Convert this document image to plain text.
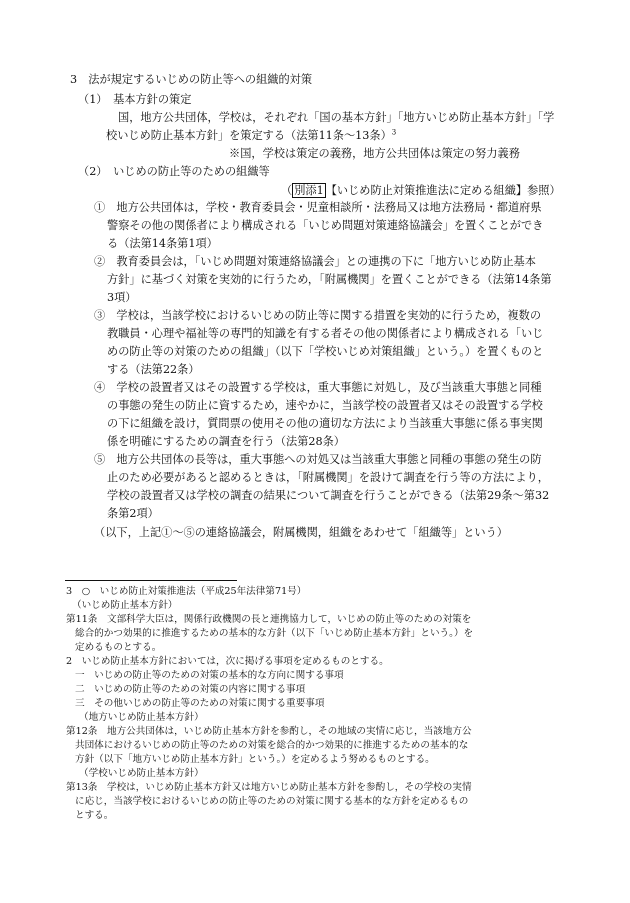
3　法が規定するいじめの防止等への組織的対策
（1）　基本方針の策定
国，地方公共団体，学校は，それぞれ「国の基本方針」「地方いじめ防止基本方針」「学
校いじめ防止基本方針」を策定する（法第11条～13条）$^3$
※国，学校は策定の義務，地方公共団体は策定の努力義務
（2）　いじめの防止等のための組織等
（ 別添1 【いじめ防止対策推進法に定める組織】参照）
①　地方公共団体は，学校・教育委員会・児童相談所・法務局又は地方法務局・都道府県
警察その他の関係者により構成される「いじめ問題対策連絡協議会」を置くことができ
る（法第14条第1項）
②　教育委員会は，「いじめ問題対策連絡協議会」との連携の下に「地方いじめ防止基本
方針」に基づく対策を実効的に行うため，「附属機関」を置くことができる（法第14条第
3項）
③　学校は，当該学校におけるいじめの防止等に関する措置を実効的に行うため，複数の
教職員・心理や福祉等の専門的知識を有する者その他の関係者により構成される「いじ
めの防止等の対策のための組織」（以下「学校いじめ対策組織」という。）を置くものと
する（法第22条）
④　学校の設置者又はその設置する学校は，重大事態に対処し，及び当該重大事態と同種
の事態の発生の防止に資するため，速やかに，当該学校の設置者又はその設置する学校
の下に組織を設け，質問票の使用その他の適切な方法により当該重大事態に係る事実関
係を明確にするための調査を行う（法第28条）
⑤　地方公共団体の長等は，重大事態への対処又は当該重大事態と同種の事態の発生の防
止のため必要があると認めるときは，「附属機関」を設けて調査を行う等の方法により，
学校の設置者又は学校の調査の結果について調査を行うことができる（法第29条～第32
条第2項）
（以下，上記①～⑤の連絡協議会，附属機関，組織をあわせて「組織等」という）
3　○　いじめ防止対策推進法（平成25年法律第71号）
（いじめ防止基本方針）
第11条　文部科学大臣は，関係行政機関の長と連携協力して，いじめの防止等のための対策を
総合的かつ効果的に推進するための基本的な方針（以下「いじめ防止基本方針」という。）を
定めるものとする。
2　いじめ防止基本方針においては，次に掲げる事項を定めるものとする。
一　いじめの防止等のための対策の基本的な方向に関する事項
二　いじめの防止等のための対策の内容に関する事項
三　その他いじめの防止等のための対策に関する重要事項
（地方いじめ防止基本方針）
第12条　地方公共団体は，いじめ防止基本方針を参酌し，その地域の実情に応じ，当該地方公
共団体におけるいじめの防止等のための対策を総合的かつ効果的に推進するための基本的な
方針（以下「地方いじめ防止基本方針」という。）を定めるよう努めるものとする。
（学校いじめ防止基本方針）
第13条　学校は，いじめ防止基本方針又は地方いじめ防止基本方針を参酌し，その学校の実情
に応じ，当該学校におけるいじめの防止等のための対策に関する基本的な方針を定めるもの
とする。
